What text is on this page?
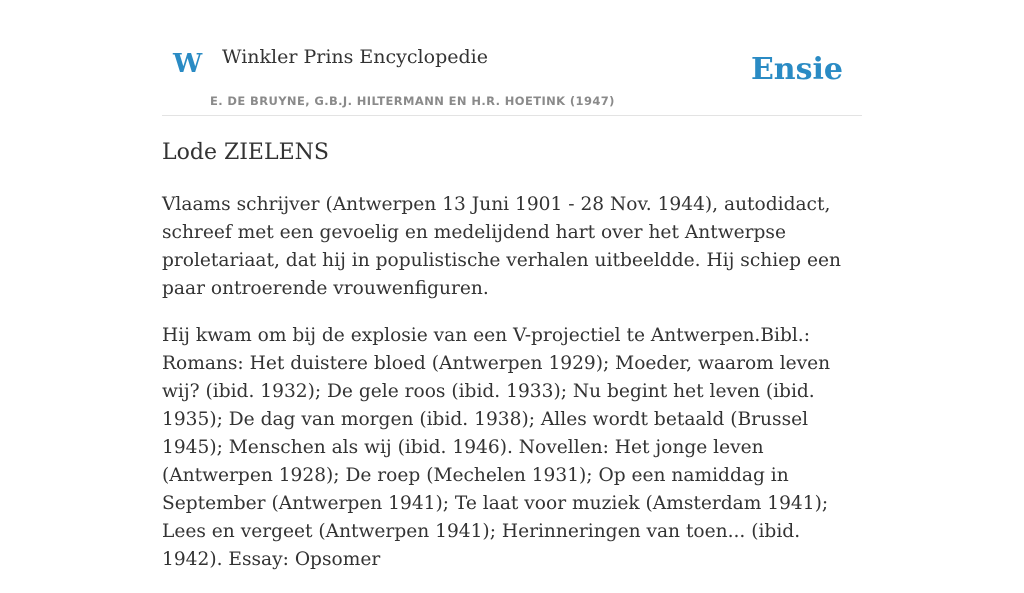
W Winkler Prins Encyclopedie
E. DE BRUYNE, G.B.J. HILTERMANN EN H.R. HOETINK (1947)
Ensie
Lode ZIELENS

Vlaams schrijver (Antwerpen 13 Juni 1901 - 28 Nov. 1944), autodidact, schreef met een gevoelig en medelijdend hart over het Antwerpse proletariaat, dat hij in populistische verhalen uitbeeldde. Hij schiep een paar ontroerende vrouwenfiguren.

Hij kwam om bij de explosie van een V-projectiel te Antwerpen.Bibl.: Romans: Het duistere bloed (Antwerpen 1929); Moeder, waarom leven wij? (ibid. 1932); De gele roos (ibid. 1933); Nu begint het leven (ibid. 1935); De dag van morgen (ibid. 1938); Alles wordt betaald (Brussel 1945); Menschen als wij (ibid. 1946). Novellen: Het jonge leven (Antwerpen 1928); De roep (Mechelen 1931); Op een namiddag in September (Antwerpen 1941); Te laat voor muziek (Amsterdam 1941); Lees en vergeet (Antwerpen 1941); Herinneringen van toen... (ibid. 1942). Essay: Opsomer
